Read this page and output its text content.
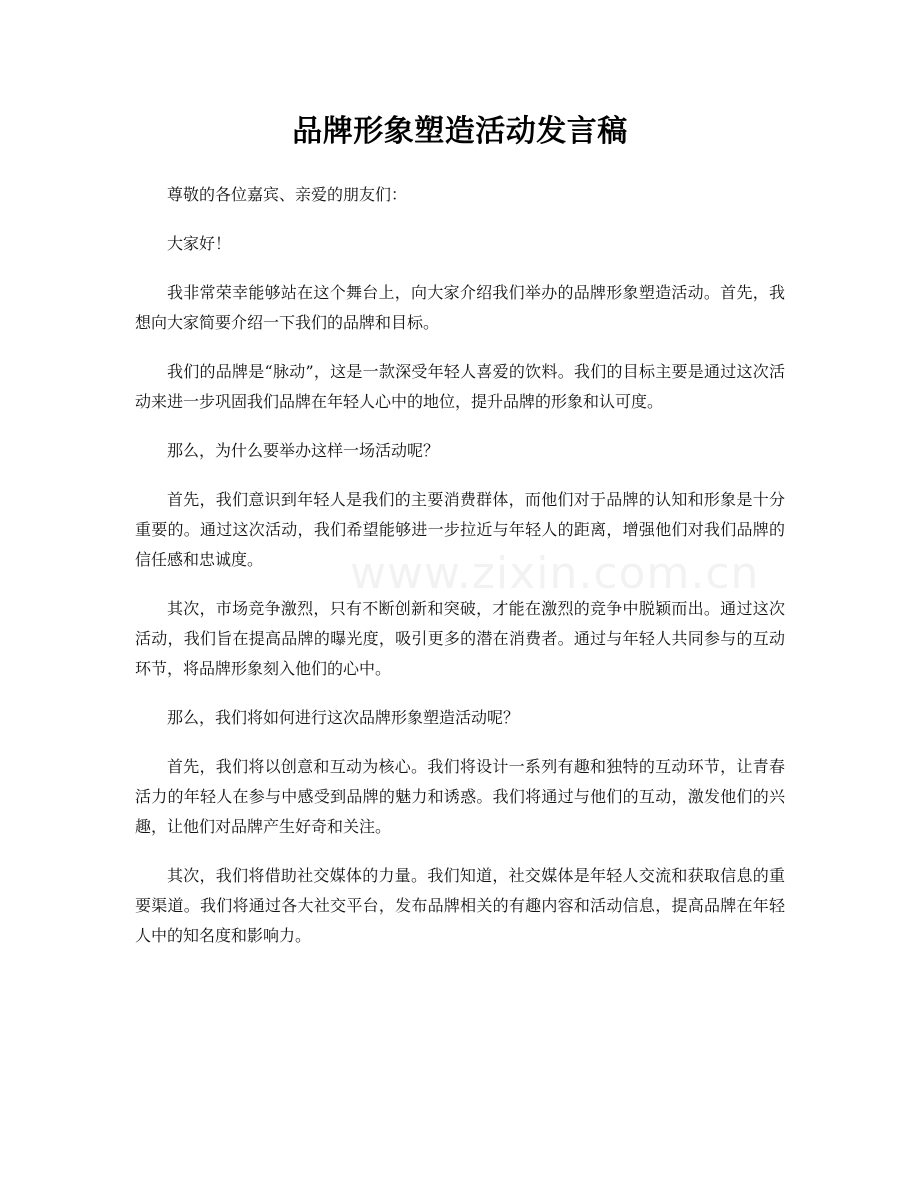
品牌形象塑造活动发言稿
www.zixin.com.cn

尊敬的各位嘉宾、亲爱的朋友们：

大家好！

我非常荣幸能够站在这个舞台上，向大家介绍我们举办的品牌形象塑造活动。首先，我想向大家简要介绍一下我们的品牌和目标。

我们的品牌是“脉动”，这是一款深受年轻人喜爱的饮料。我们的目标主要是通过这次活动来进一步巩固我们品牌在年轻人心中的地位，提升品牌的形象和认可度。

那么，为什么要举办这样一场活动呢？

首先，我们意识到年轻人是我们的主要消费群体，而他们对于品牌的认知和形象是十分重要的。通过这次活动，我们希望能够进一步拉近与年轻人的距离，增强他们对我们品牌的信任感和忠诚度。

其次，市场竞争激烈，只有不断创新和突破，才能在激烈的竞争中脱颖而出。通过这次活动，我们旨在提高品牌的曝光度，吸引更多的潜在消费者。通过与年轻人共同参与的互动环节，将品牌形象刻入他们的心中。

那么，我们将如何进行这次品牌形象塑造活动呢？

首先，我们将以创意和互动为核心。我们将设计一系列有趣和独特的互动环节，让青春活力的年轻人在参与中感受到品牌的魅力和诱惑。我们将通过与他们的互动，激发他们的兴趣，让他们对品牌产生好奇和关注。

其次，我们将借助社交媒体的力量。我们知道，社交媒体是年轻人交流和获取信息的重要渠道。我们将通过各大社交平台，发布品牌相关的有趣内容和活动信息，提高品牌在年轻人中的知名度和影响力。
